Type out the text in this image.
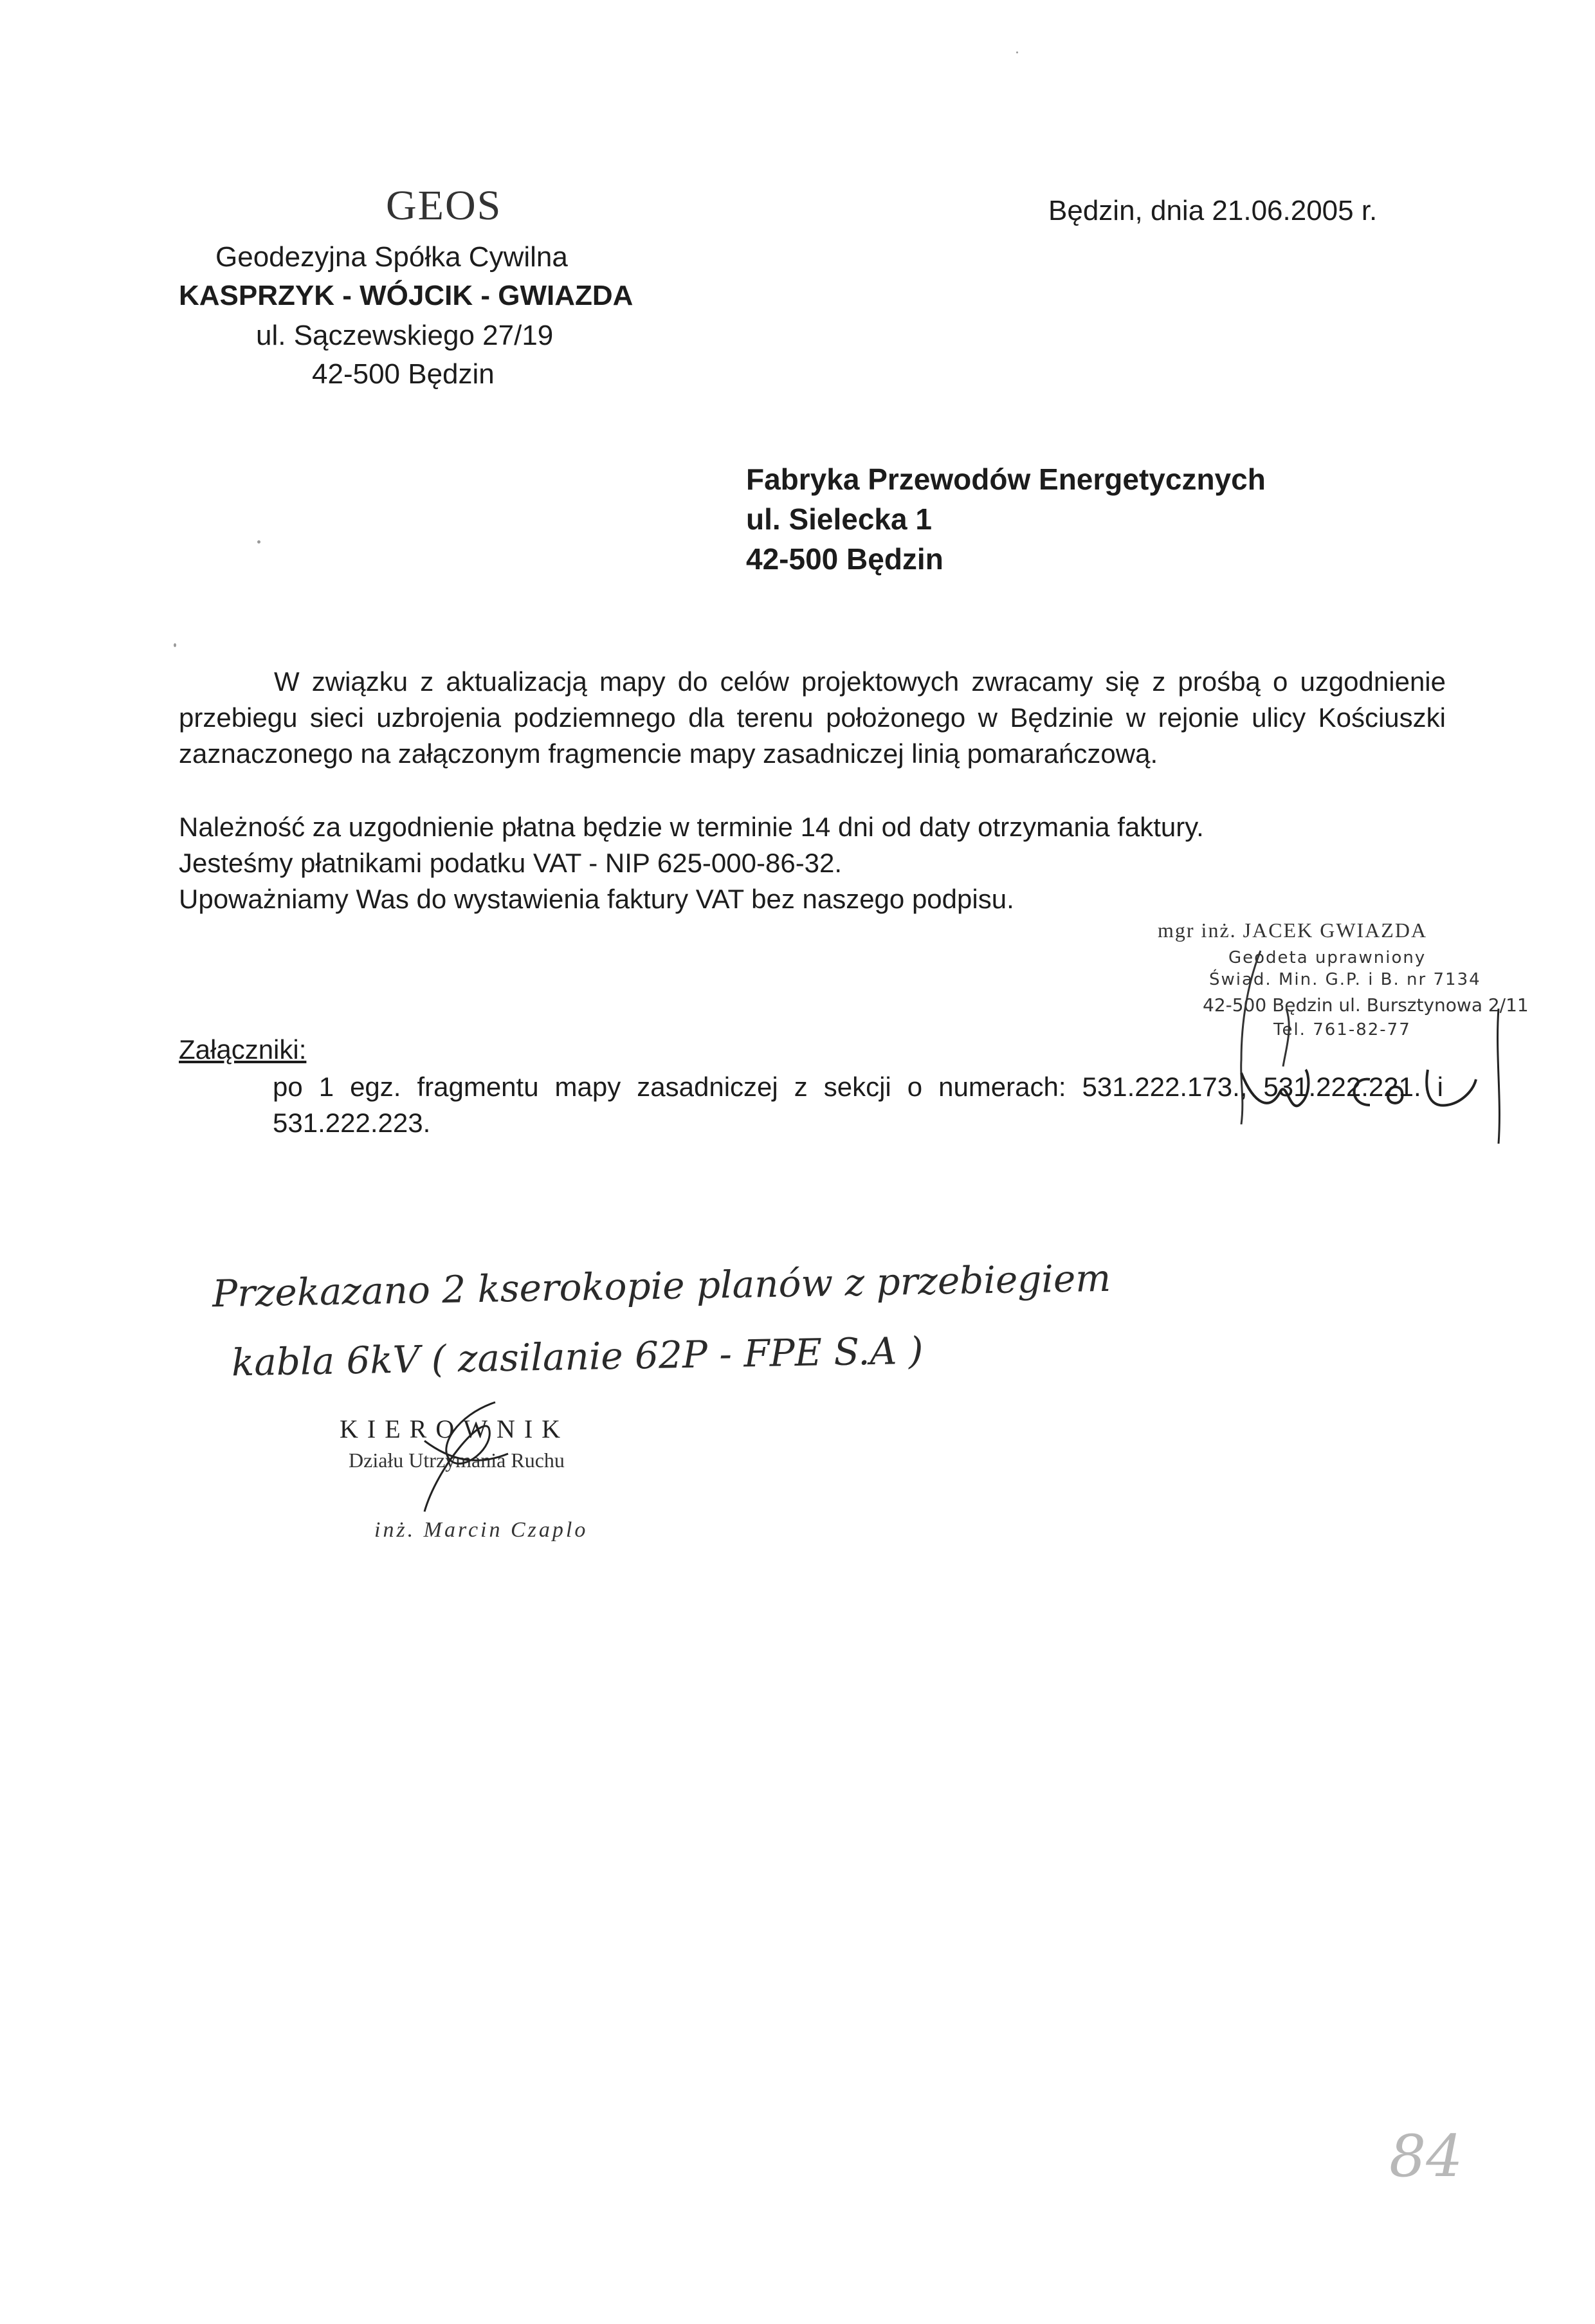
GEOS
Geodezyjna Spółka Cywilna
KASPRZYK - WÓJCIK - GWIAZDA
ul. Sączewskiego 27/19
42-500 Będzin
Będzin, dnia 21.06.2005 r.
Fabryka Przewodów Energetycznych
ul. Sielecka 1
42-500 Będzin
W związku z aktualizacją mapy do celów projektowych zwracamy się z prośbą o uzgodnienie przebiegu sieci uzbrojenia podziemnego dla terenu położonego w Będzinie w rejonie ulicy Kościuszki zaznaczonego na załączonym fragmencie mapy zasadniczej linią pomarańczową.
Należność za uzgodnienie płatna będzie w terminie 14 dni od daty otrzymania faktury.
Jesteśmy płatnikami podatku VAT - NIP 625-000-86-32.
Upoważniamy Was do wystawienia faktury VAT bez naszego podpisu.
mgr inż. JACEK GWIAZDA
Geodeta uprawniony
Świad. Min. G.P. i B. nr 7134
42-500 Będzin ul. Bursztynowa 2/11
Tel. 761-82-77
Załączniki:
po 1 egz. fragmentu mapy zasadniczej z sekcji o numerach: 531.222.173., 531.222.221. i 531.222.223.
Przekazano 2 kserokopie planów z przebiegiem
kabla 6kV ( zasilanie 62P - FPE S.A )
KIEROWNIK
Działu Utrzymania Ruchu
inż. Marcin Czaplo
84
